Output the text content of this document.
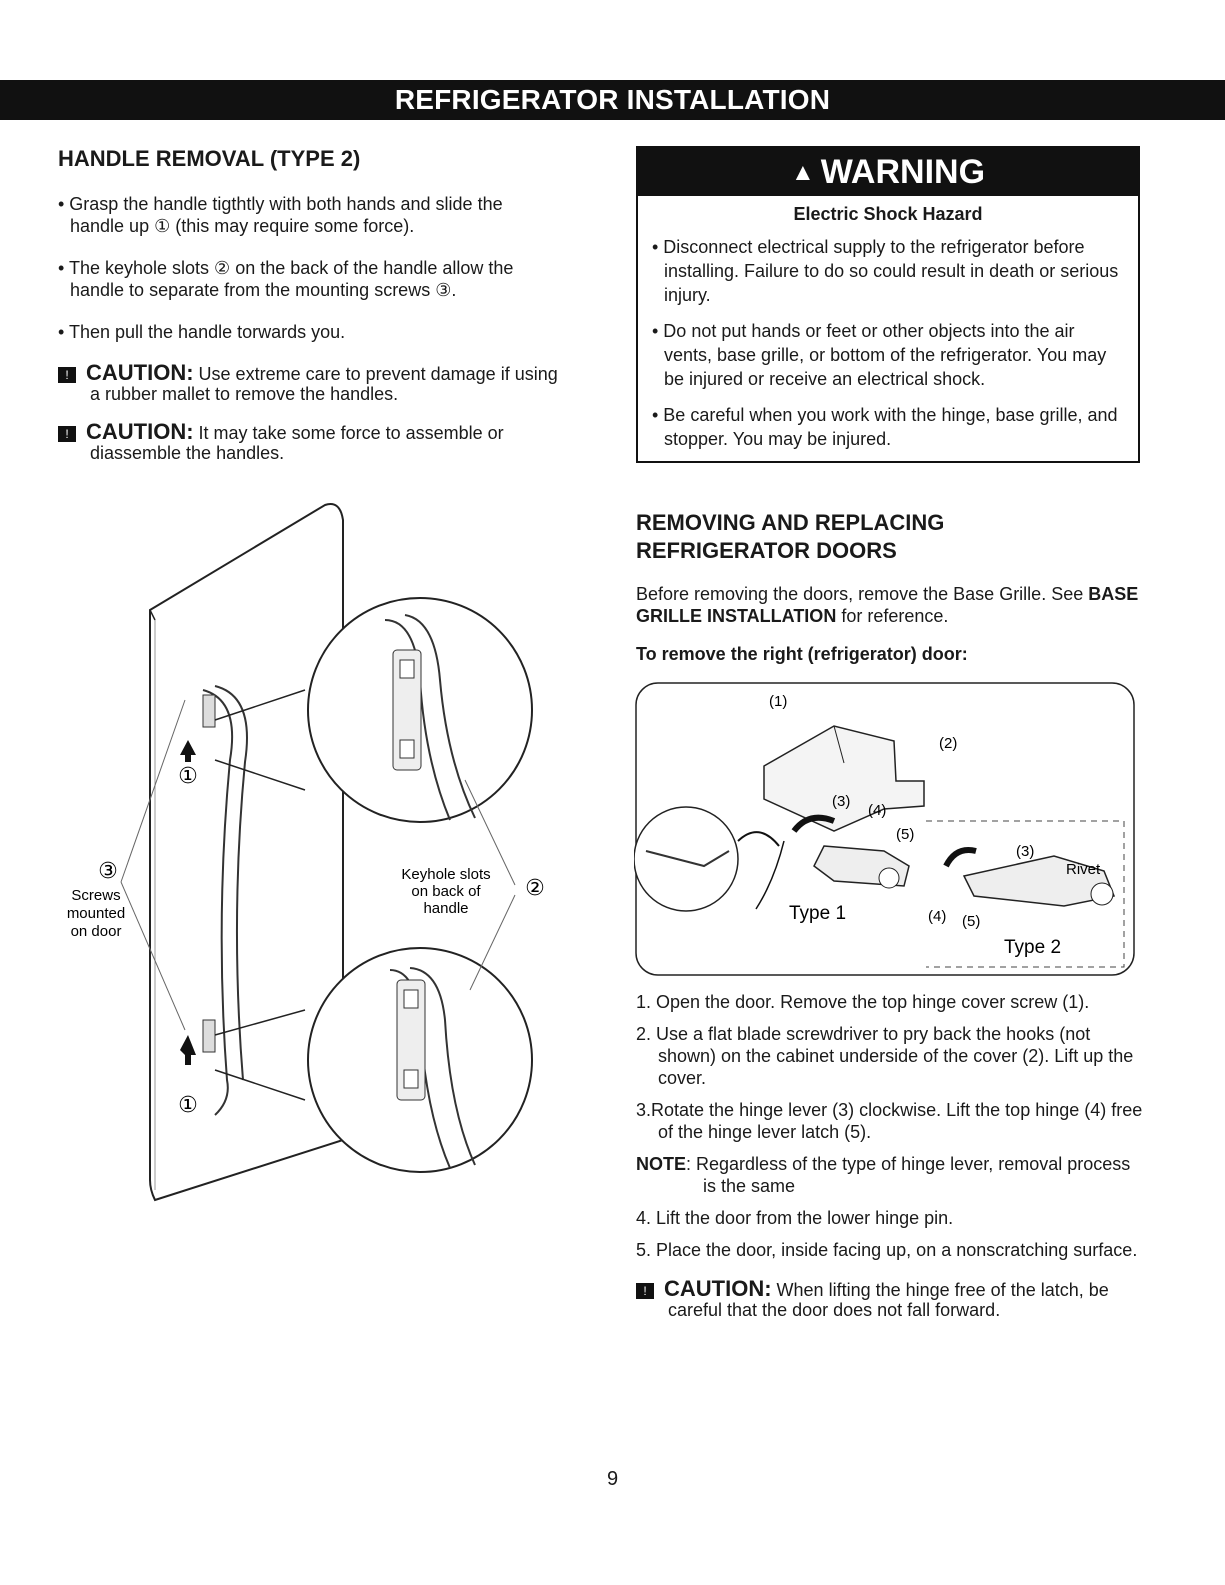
REFRIGERATOR INSTALLATION
HANDLE REMOVAL (TYPE 2)

• Grasp the handle tigthtly with both hands and slide the handle up ① (this may require some force).

• The keyhole slots ② on the back of the handle allow the handle to separate from the mounting screws ③.

• Then pull the handle torwards you.

! CAUTION: Use extreme care to prevent damage if using a rubber mallet to remove the handles.

! CAUTION: It may take some force to assemble or diassemble the handles.

①
①
②
③
Screws
mounted
on door
Keyhole slots
on back of
handle
▲ WARNING
Electric Shock Hazard

• Disconnect electrical supply to the refrigerator before installing. Failure to do so could result in death or serious injury.

• Do not put hands or feet or other objects into the air vents, base grille, or bottom of the refrigerator. You may be injured or receive an electrical shock.

• Be careful when you work with the hinge, base grille, and stopper. You may be injured.

REMOVING AND REPLACING
REFRIGERATOR DOORS

Before removing the doors, remove the Base Grille. See BASE GRILLE INSTALLATION for reference.

To remove the right (refrigerator) door:

(1)
(2)
(3)
(4)
(5)
(3)
Rivet
(4) (5)
Type 1
Type 2

1. Open the door. Remove the top hinge cover screw (1).

2. Use a flat blade screwdriver to pry back the hooks (not shown) on the cabinet underside of the cover (2). Lift up the cover.

3.Rotate the hinge lever (3) clockwise. Lift the top hinge (4) free of the hinge lever latch (5).

NOTE: Regardless of the type of hinge lever, removal process is the same

4. Lift the door from the lower hinge pin.

5. Place the door, inside facing up, on a nonscratching surface.

! CAUTION: When lifting the hinge free of the latch, be careful that the door does not fall forward.

9
